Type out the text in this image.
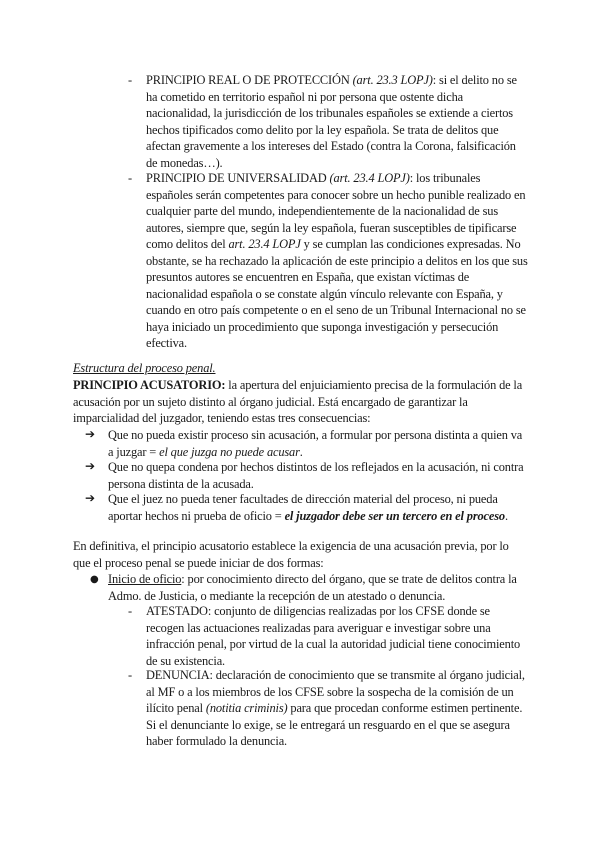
- PRINCIPIO REAL O DE PROTECCIÓN (art. 23.3 LOPJ): si el delito no se ha cometido en territorio español ni por persona que ostente dicha nacionalidad, la jurisdicción de los tribunales españoles se extiende a ciertos hechos tipificados como delito por la ley española. Se trata de delitos que afectan gravemente a los intereses del Estado (contra la Corona, falsificación de monedas…).
- PRINCIPIO DE UNIVERSALIDAD (art. 23.4 LOPJ): los tribunales españoles serán competentes para conocer sobre un hecho punible realizado en cualquier parte del mundo, independientemente de la nacionalidad de sus autores, siempre que, según la ley española, fueran susceptibles de tipificarse como delitos del art. 23.4 LOPJ y se cumplan las condiciones expresadas. No obstante, se ha rechazado la aplicación de este principio a delitos en los que sus presuntos autores se encuentren en España, que existan víctimas de nacionalidad española o se constate algún vínculo relevante con España, y cuando en otro país competente o en el seno de un Tribunal Internacional no se haya iniciado un procedimiento que suponga investigación y persecución efectiva.
Estructura del proceso penal.
PRINCIPIO ACUSATORIO: la apertura del enjuiciamiento precisa de la formulación de la acusación por un sujeto distinto al órgano judicial. Está encargado de garantizar la imparcialidad del juzgador, teniendo estas tres consecuencias:
➔ Que no pueda existir proceso sin acusación, a formular por persona distinta a quien va a juzgar = el que juzga no puede acusar.
➔ Que no quepa condena por hechos distintos de los reflejados en la acusación, ni contra persona distinta de la acusada.
➔ Que el juez no pueda tener facultades de dirección material del proceso, ni pueda aportar hechos ni prueba de oficio = el juzgador debe ser un tercero en el proceso.
En definitiva, el principio acusatorio establece la exigencia de una acusación previa, por lo que el proceso penal se puede iniciar de dos formas:
● Inicio de oficio: por conocimiento directo del órgano, que se trate de delitos contra la Admo. de Justicia, o mediante la recepción de un atestado o denuncia.
- ATESTADO: conjunto de diligencias realizadas por los CFSE donde se recogen las actuaciones realizadas para averiguar e investigar sobre una infracción penal, por virtud de la cual la autoridad judicial tiene conocimiento de su existencia.
- DENUNCIA: declaración de conocimiento que se transmite al órgano judicial, al MF o a los miembros de los CFSE sobre la sospecha de la comisión de un ilícito penal (notitia criminis) para que procedan conforme estimen pertinente. Si el denunciante lo exige, se le entregará un resguardo en el que se asegura haber formulado la denuncia.
